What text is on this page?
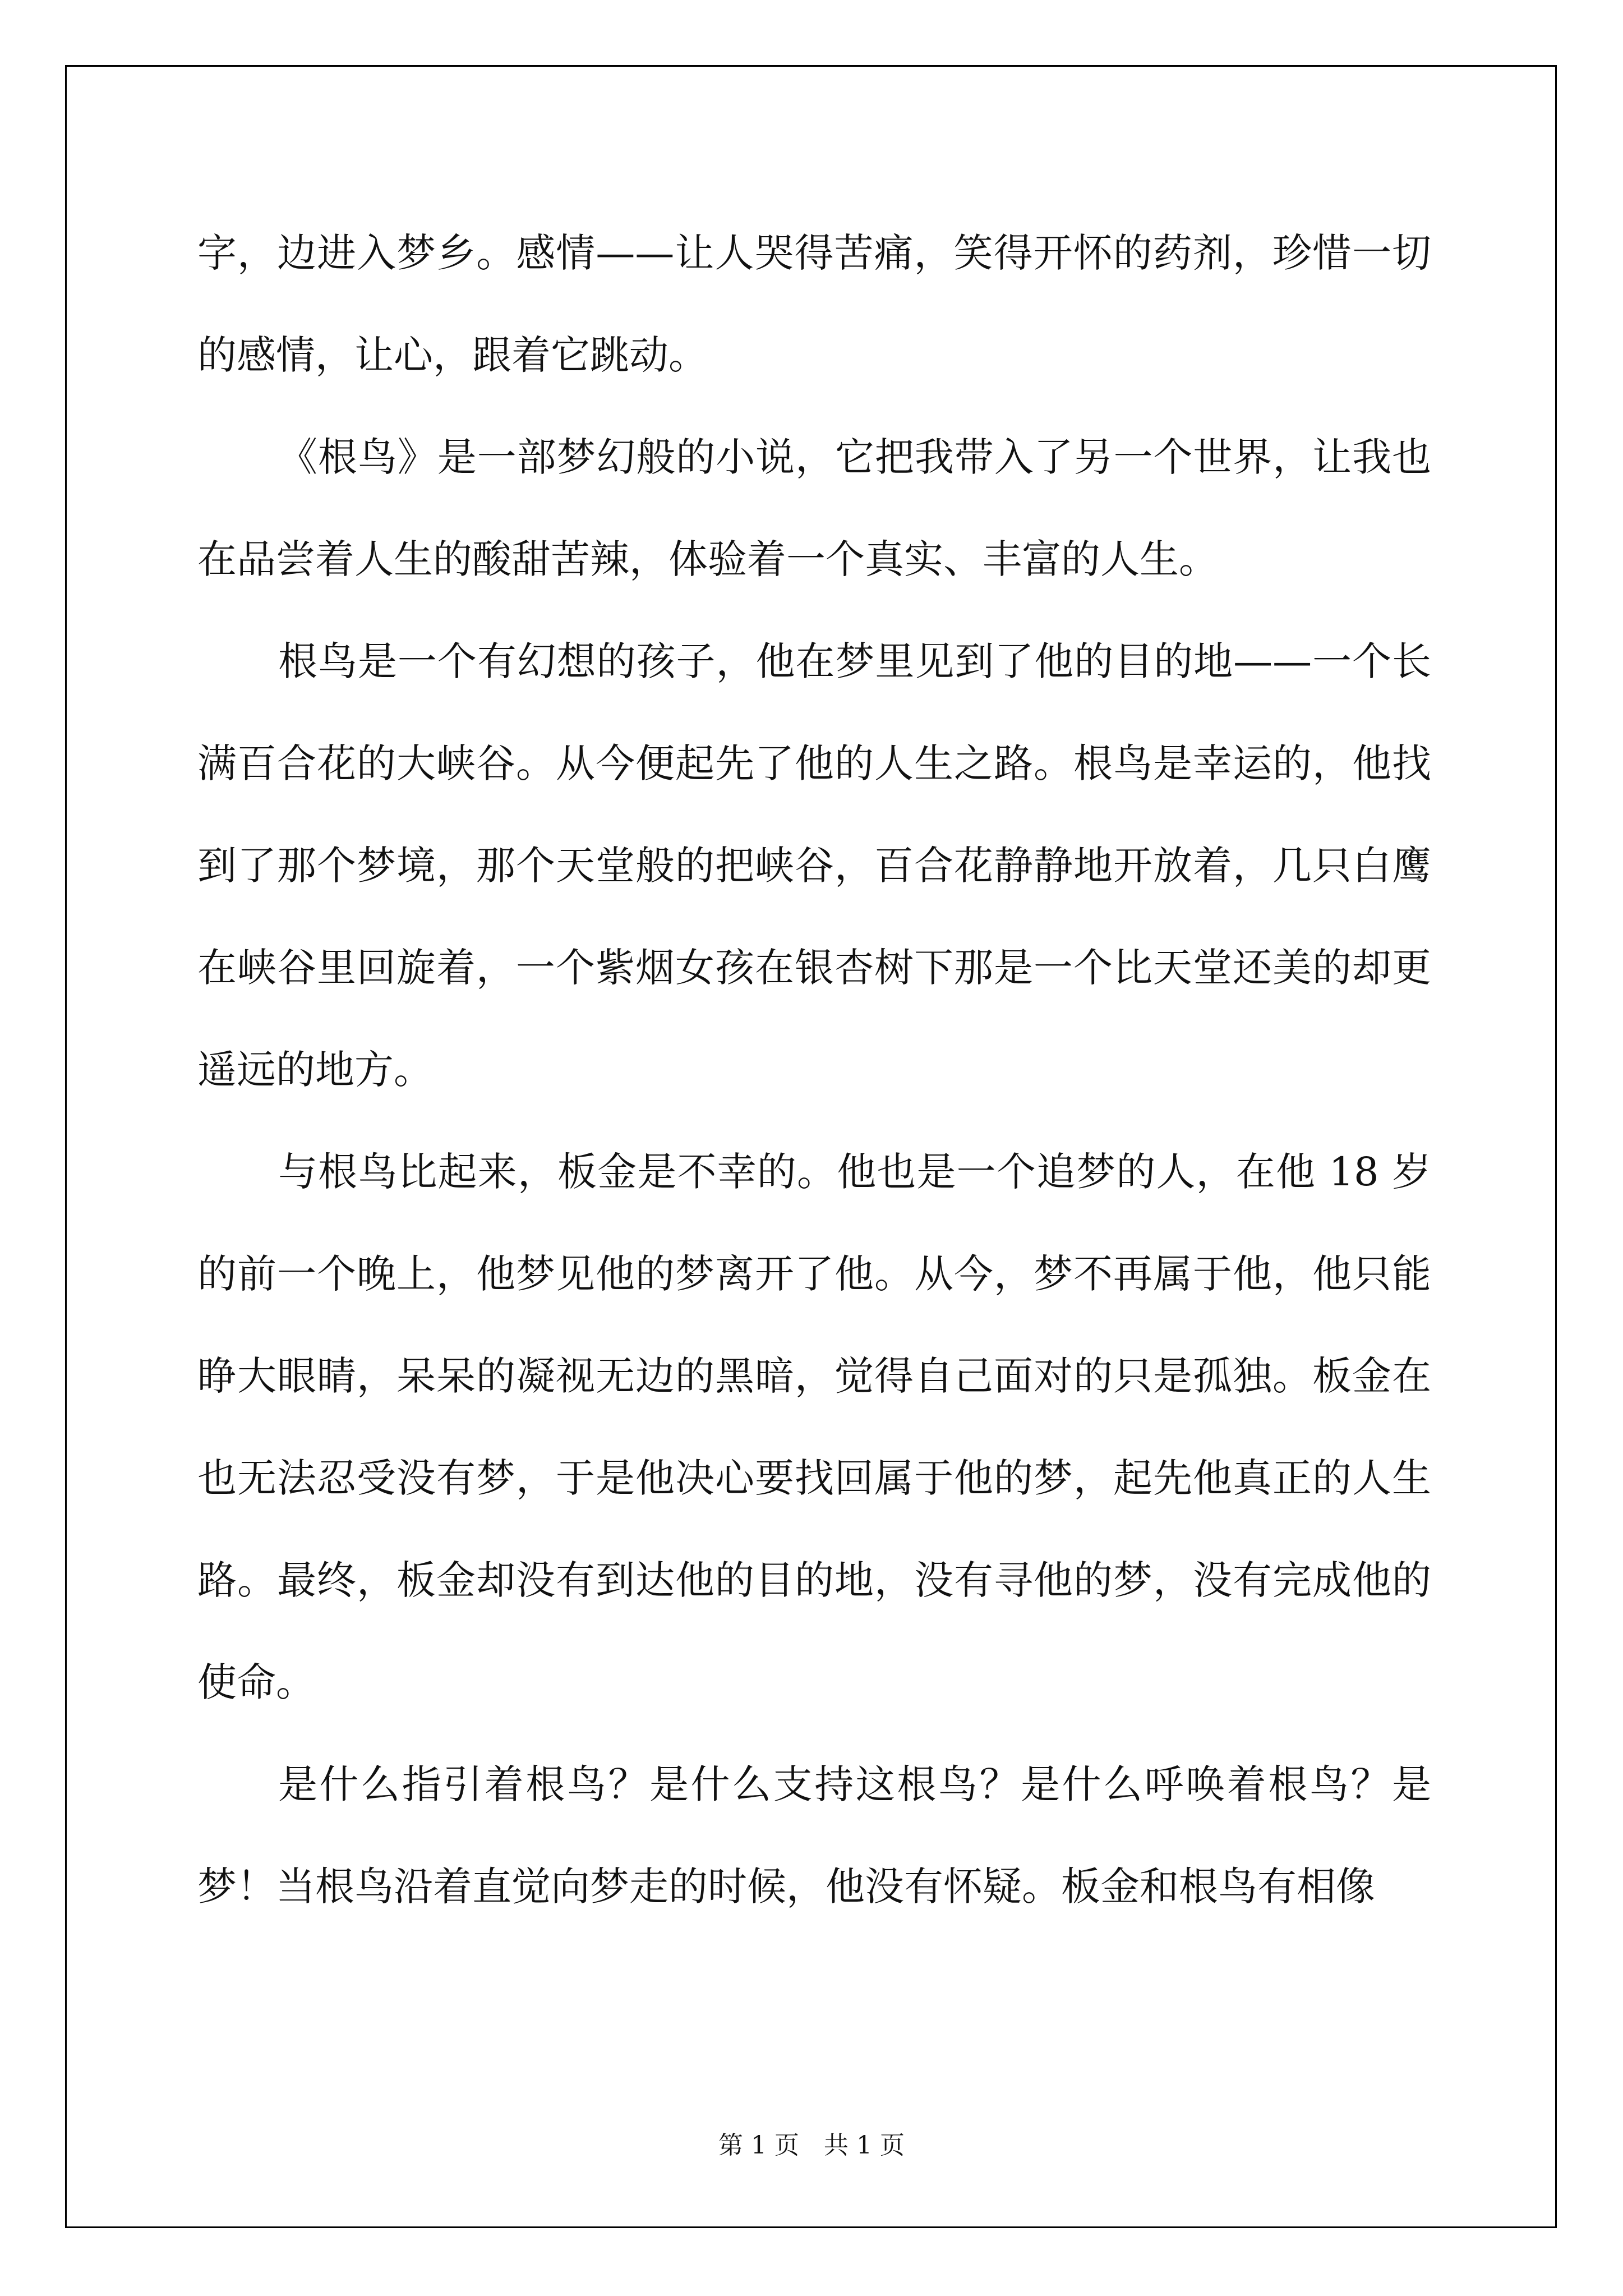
字，边进入梦乡。感情——让人哭得苦痛，笑得开怀的药剂，珍惜一切的感情，让心，跟着它跳动。

《根鸟》是一部梦幻般的小说，它把我带入了另一个世界，让我也在品尝着人生的酸甜苦辣，体验着一个真实、丰富的人生。

根鸟是一个有幻想的孩子，他在梦里见到了他的目的地——一个长满百合花的大峡谷。从今便起先了他的人生之路。根鸟是幸运的，他找到了那个梦境，那个天堂般的把峡谷，百合花静静地开放着，几只白鹰在峡谷里回旋着，一个紫烟女孩在银杏树下那是一个比天堂还美的却更遥远的地方。

与根鸟比起来，板金是不幸的。他也是一个追梦的人，在他 18 岁的前一个晚上，他梦见他的梦离开了他。从今，梦不再属于他，他只能睁大眼睛，呆呆的凝视无边的黑暗，觉得自己面对的只是孤独。板金在也无法忍受没有梦，于是他决心要找回属于他的梦，起先他真正的人生路。最终，板金却没有到达他的目的地，没有寻他的梦，没有完成他的使命。

是什么指引着根鸟？是什么支持这根鸟？是什么呼唤着根鸟？是梦！当根鸟沿着直觉向梦走的时候，他没有怀疑。板金和根鸟有相像

第 1 页　共 1 页
